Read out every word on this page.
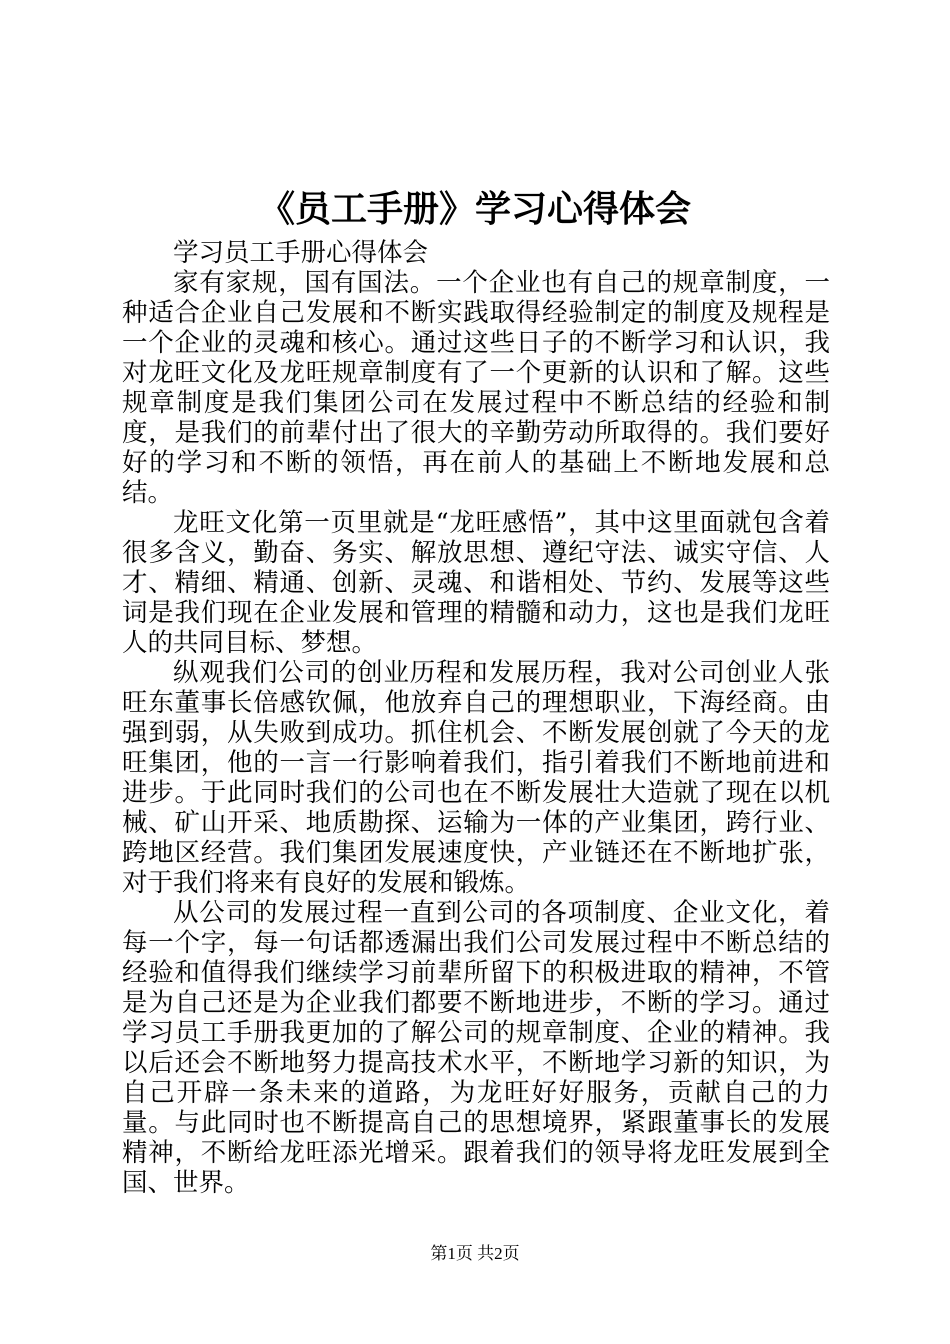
《员工手册》学习心得体会

学习员工手册心得体会

家有家规，国有国法。一个企业也有自己的规章制度，一种适合企业自己发展和不断实践取得经验制定的制度及规程是一个企业的灵魂和核心。通过这些日子的不断学习和认识，我对龙旺文化及龙旺规章制度有了一个更新的认识和了解。这些规章制度是我们集团公司在发展过程中不断总结的经验和制度，是我们的前辈付出了很大的辛勤劳动所取得的。我们要好好的学习和不断的领悟，再在前人的基础上不断地发展和总结。

龙旺文化第一页里就是“龙旺感悟”，其中这里面就包含着很多含义，勤奋、务实、解放思想、遵纪守法、诚实守信、人才、精细、精通、创新、灵魂、和谐相处、节约、发展等这些词是我们现在企业发展和管理的精髓和动力，这也是我们龙旺人的共同目标、梦想。

纵观我们公司的创业历程和发展历程，我对公司创业人张旺东董事长倍感钦佩，他放弃自己的理想职业，下海经商。由强到弱，从失败到成功。抓住机会、不断发展创就了今天的龙旺集团，他的一言一行影响着我们，指引着我们不断地前进和进步。于此同时我们的公司也在不断发展壮大造就了现在以机械、矿山开采、地质勘探、运输为一体的产业集团，跨行业、跨地区经营。我们集团发展速度快，产业链还在不断地扩张，对于我们将来有良好的发展和锻炼。

从公司的发展过程一直到公司的各项制度、企业文化，着每一个字，每一句话都透漏出我们公司发展过程中不断总结的经验和值得我们继续学习前辈所留下的积极进取的精神，不管是为自己还是为企业我们都要不断地进步，不断的学习。通过学习员工手册我更加的了解公司的规章制度、企业的精神。我以后还会不断地努力提高技术水平，不断地学习新的知识，为自己开辟一条未来的道路，为龙旺好好服务，贡献自己的力量。与此同时也不断提高自己的思想境界，紧跟董事长的发展精神，不断给龙旺添光增采。跟着我们的领导将龙旺发展到全国、世界。

第1页 共2页
